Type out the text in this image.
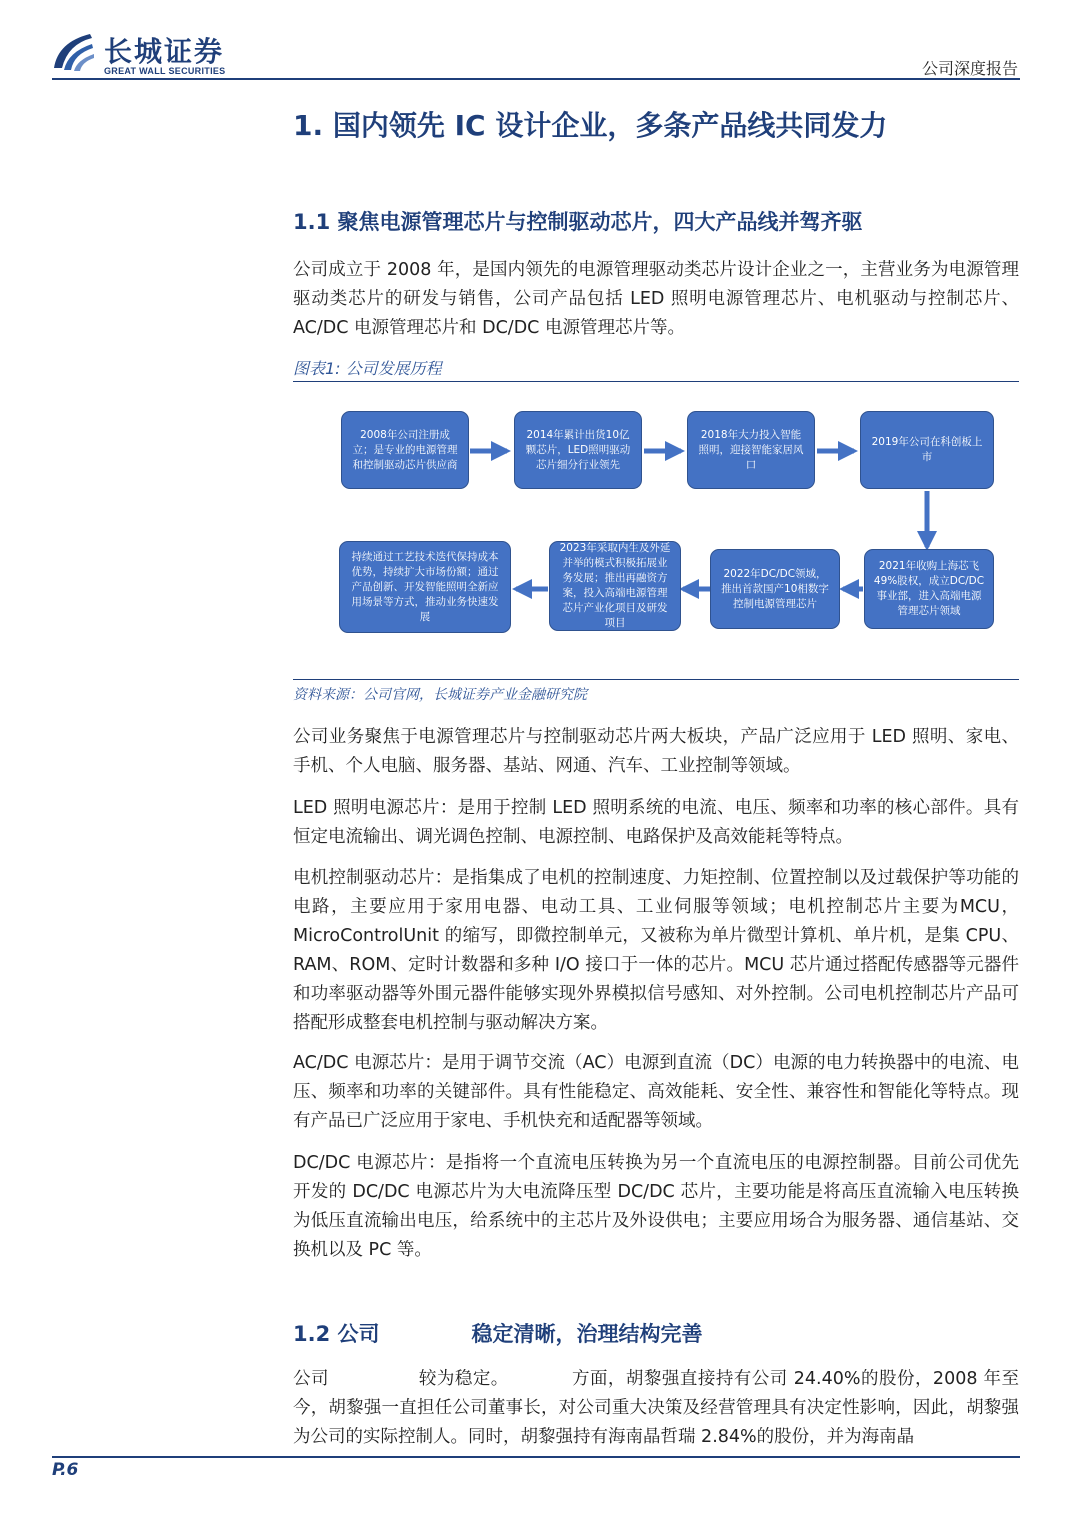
长城证券
GREAT WALL SECURITIES	公司深度报告
1. 国内领先 IC 设计企业，多条产品线共同发力
1.1 聚焦电源管理芯片与控制驱动芯片，四大产品线并驾齐驱
公司成立于 2008 年，是国内领先的电源管理驱动类芯片设计企业之一，主营业务为电源管理驱动类芯片的研发与销售，公司产品包括 LED 照明电源管理芯片、电机驱动与控制芯片、AC/DC 电源管理芯片和 DC/DC 电源管理芯片等。
图表1: 公司发展历程
2008年公司注册成立；是专业的电源管理和控制驱动芯片供应商
2014年累计出货10亿颗芯片，LED照明驱动芯片细分行业领先
2018年大力投入智能照明，迎接智能家居风口
2019年公司在科创板上市
2021年收购上海芯飞49%股权，成立DC/DC事业部，进入高端电源管理芯片领域
2022年DC/DC领域，推出首款国产10相数字控制电源管理芯片
2023年采取内生及外延并举的模式积极拓展业务发展；推出再融资方案，投入高端电源管理芯片产业化项目及研发项目
持续通过工艺技术迭代保持成本优势，持续扩大市场份额；通过产品创新、开发智能照明全新应用场景等方式，推动业务快速发展
资料来源：公司官网，长城证券产业金融研究院
公司业务聚焦于电源管理芯片与控制驱动芯片两大板块，产品广泛应用于 LED 照明、家电、手机、个人电脑、服务器、基站、网通、汽车、工业控制等领域。
LED 照明电源芯片：是用于控制 LED 照明系统的电流、电压、频率和功率的核心部件。具有恒定电流输出、调光调色控制、电源控制、电路保护及高效能耗等特点。
电机控制驱动芯片：是指集成了电机的控制速度、力矩控制、位置控制以及过载保护等功能的电路，主要应用于家用电器、电动工具、工业伺服等领域；电机控制芯片主要为MCU，MicroControlUnit 的缩写，即微控制单元，又被称为单片微型计算机、单片机，是集 CPU、RAM、ROM、定时计数器和多种 I/O 接口于一体的芯片。MCU 芯片通过搭配传感器等元器件和功率驱动器等外围元器件能够实现外界模拟信号感知、对外控制。公司电机控制芯片产品可搭配形成整套电机控制与驱动解决方案。
AC/DC 电源芯片：是用于调节交流（AC）电源到直流（DC）电源的电力转换器中的电流、电压、频率和功率的关键部件。具有性能稳定、高效能耗、安全性、兼容性和智能化等特点。现有产品已广泛应用于家电、手机快充和适配器等领域。
DC/DC 电源芯片：是指将一个直流电压转换为另一个直流电压的电源控制器。目前公司优先开发的 DC/DC 电源芯片为大电流降压型 DC/DC 芯片，主要功能是将高压直流输入电压转换为低压直流输出电压，给系统中的主芯片及外设供电；主要应用场合为服务器、通信基站、交换机以及 PC 等。
1.2 公司	稳定清晰，治理结构完善
公司　　　　　较为稳定。　　　　方面，胡黎强直接持有公司 24.40%的股份，2008 年至今，胡黎强一直担任公司董事长，对公司重大决策及经营管理具有决定性影响，因此，胡黎强为公司的实际控制人。同时，胡黎强持有海南晶哲瑞 2.84%的股份，并为海南晶
P.6
